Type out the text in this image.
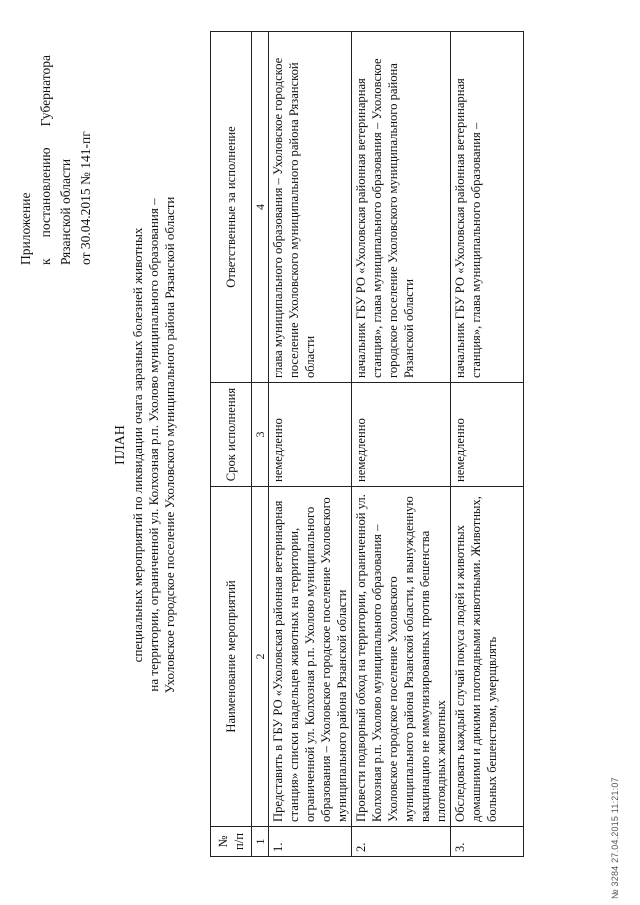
Приложение к
постановлению
Губернатора
Рязанской области от 30.04.2015 № 141-пг
ПЛАН специальных мероприятий по ликвидации очага заразных болезней животных на территории, ограниченной ул. Колхозная р.п. Ухолово муниципального образования – Ухоловское городское поселение Ухоловского муниципального района Рязанской области
№ п/п	Наименование мероприятий	Срок исполнения	Ответственные за исполнение
1	2	3	4
1.	Представить в ГБУ РО «Ухоловская районная ветеринарная станция» списки владельцев животных на территории, ограниченной ул. Колхозная р.п. Ухолово муниципального образования – Ухоловское городское поселение Ухоловского муниципального района Рязанской области	немедленно	глава муниципального образования – Ухоловское городское поселение Ухоловского муниципального района Рязанской области
2.	Провести подворный обход на территории, ограниченной ул. Колхозная р.п. Ухолово муниципального образования – Ухоловское городское поселение Ухоловского муниципального района Рязанской области, и вынужденную вакцинацию не иммунизированных против бешенства плотоядных животных	немедленно	начальник ГБУ РО «Ухоловская районная ветеринарная станция», глава муниципального образования – Ухоловское городское поселение Ухоловского муниципального района Рязанской области
3.	Обследовать каждый случай покуса людей и животных домашними и дикими плотоядными животными. Животных, больных бешенством, умерщвлять	немедленно	начальник ГБУ РО «Ухоловская районная ветеринарная станция», глава муниципального образования –
№ 3284 27.04.2015 11:21:07
